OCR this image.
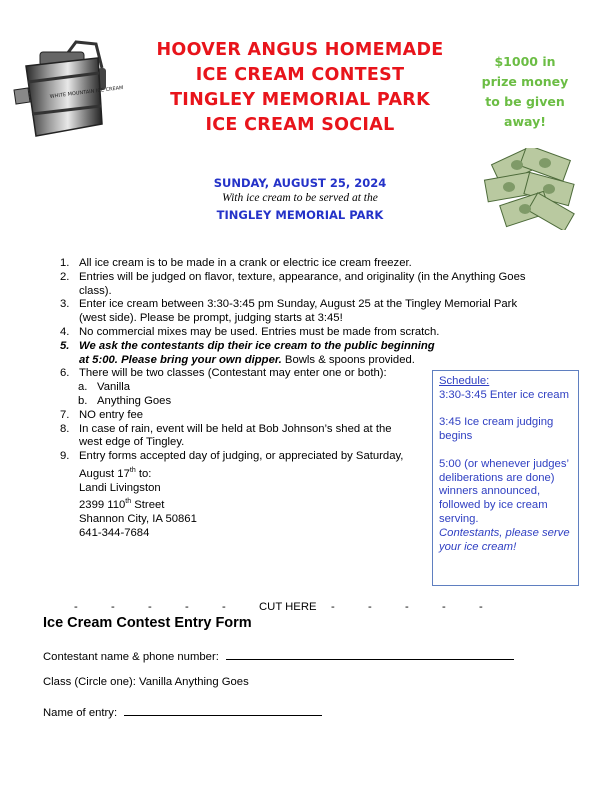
WHITE MOUNTAIN ICE CREAM
HOOVER ANGUS HOMEMADE
ICE CREAM CONTEST
TINGLEY MEMORIAL PARK
ICE CREAM SOCIAL
$1000 in
prize money
to be given
away!
SUNDAY, AUGUST 25, 2024
With ice cream to be served at the
TINGLEY MEMORIAL PARK
1. All ice cream is to be made in a crank or electric ice cream freezer.
2. Entries will be judged on flavor, texture, appearance, and originality (in the Anything Goes
class).
3. Enter ice cream between 3:30-3:45 pm Sunday, August 25 at the Tingley Memorial Park
(west side). Please be prompt, judging starts at 3:45!
4. No commercial mixes may be used. Entries must be made from scratch.
5. We ask the contestants dip their ice cream to the public beginning
at 5:00. Please bring your own dipper. Bowls & spoons provided.
6. There will be two classes (Contestant may enter one or both):
a. Vanilla
b. Anything Goes
7. NO entry fee
8. In case of rain, event will be held at Bob Johnson’s shed at the
west edge of Tingley.
9. Entry forms accepted day of judging, or appreciated by Saturday,
August 17th to:
Landi Livingston
2399 110th Street
Shannon City, IA 50861
641-344-7684

Schedule:

3:30-3:45 Enter ice cream

3:45 Ice cream judging begins

5:00 (or whenever judges’ deliberations are done) winners announced, followed by ice cream serving.

Contestants, please serve your ice cream!

-	-	-	-	-	CUT HERE -	-	-	-	-
Ice Cream Contest Entry Form
Contestant name & phone number:
Class (Circle one): Vanilla Anything Goes
Name of entry:
